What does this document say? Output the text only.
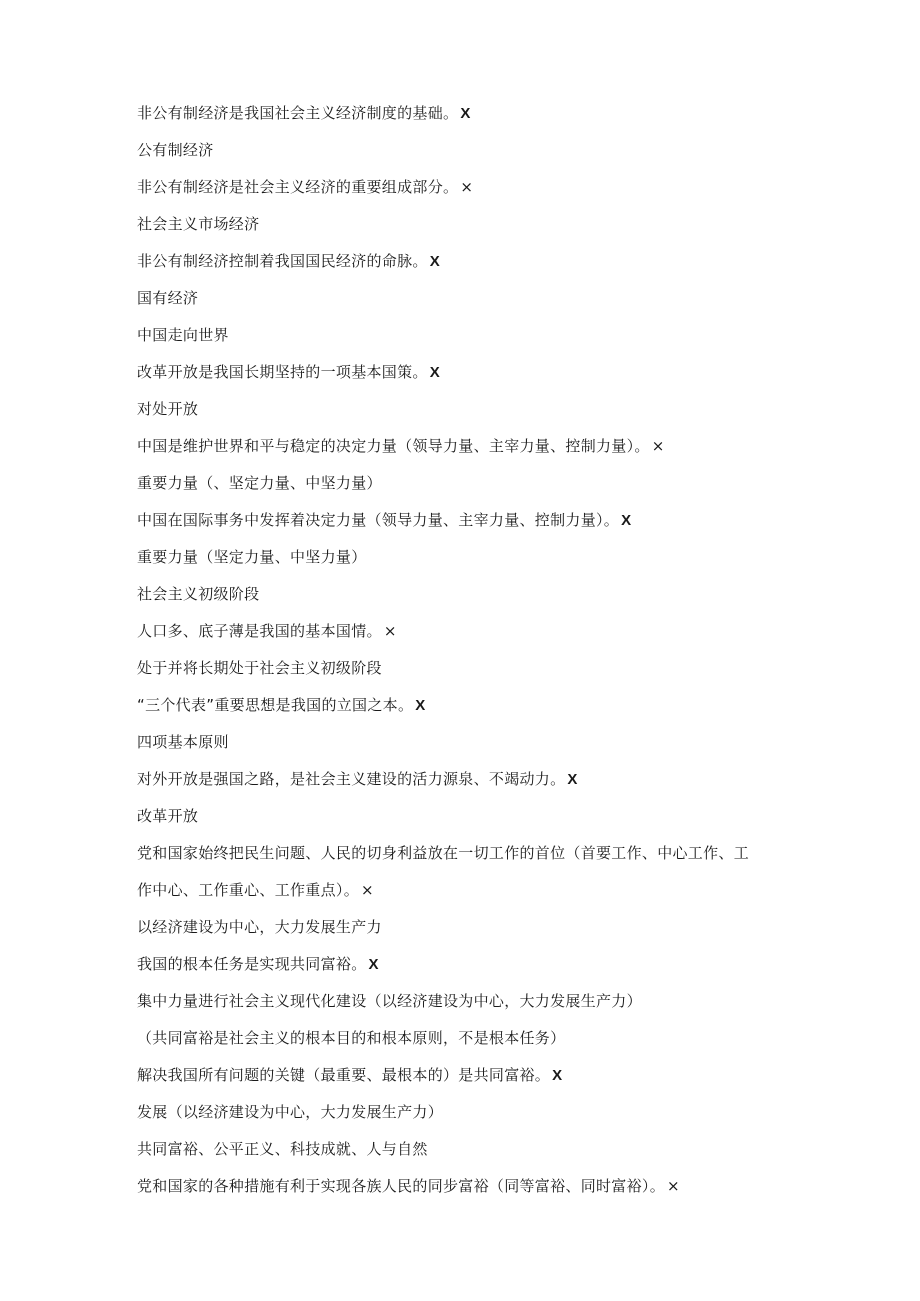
非公有制经济是我国社会主义经济制度的基础。 X
公有制经济
非公有制经济是社会主义经济的重要组成部分。 ×
社会主义市场经济
非公有制经济控制着我国国民经济的命脉。 X
国有经济
中国走向世界
改革开放是我国长期坚持的一项基本国策。 X
对处开放
中国是维护世界和平与稳定的决定力量（领导力量、主宰力量、控制力量）。 ×
重要力量（、坚定力量、中坚力量）
中国在国际事务中发挥着决定力量（领导力量、主宰力量、控制力量）。 X
重要力量（坚定力量、中坚力量）
社会主义初级阶段
人口多、底子薄是我国的基本国情。 ×
处于并将长期处于社会主义初级阶段
“三个代表”重要思想是我国的立国之本。 X
四项基本原则
对外开放是强国之路，是社会主义建设的活力源泉、不竭动力。 X
改革开放
党和国家始终把民生问题、人民的切身利益放在一切工作的首位（首要工作、中心工作、工
作中心、工作重心、工作重点）。 ×
以经济建设为中心，大力发展生产力
我国的根本任务是实现共同富裕。 X
集中力量进行社会主义现代化建设（以经济建设为中心，大力发展生产力）
（共同富裕是社会主义的根本目的和根本原则，不是根本任务）
解决我国所有问题的关键（最重要、最根本的）是共同富裕。 X
发展（以经济建设为中心，大力发展生产力）
共同富裕、公平正义、科技成就、人与自然
党和国家的各种措施有利于实现各族人民的同步富裕（同等富裕、同时富裕）。 ×
